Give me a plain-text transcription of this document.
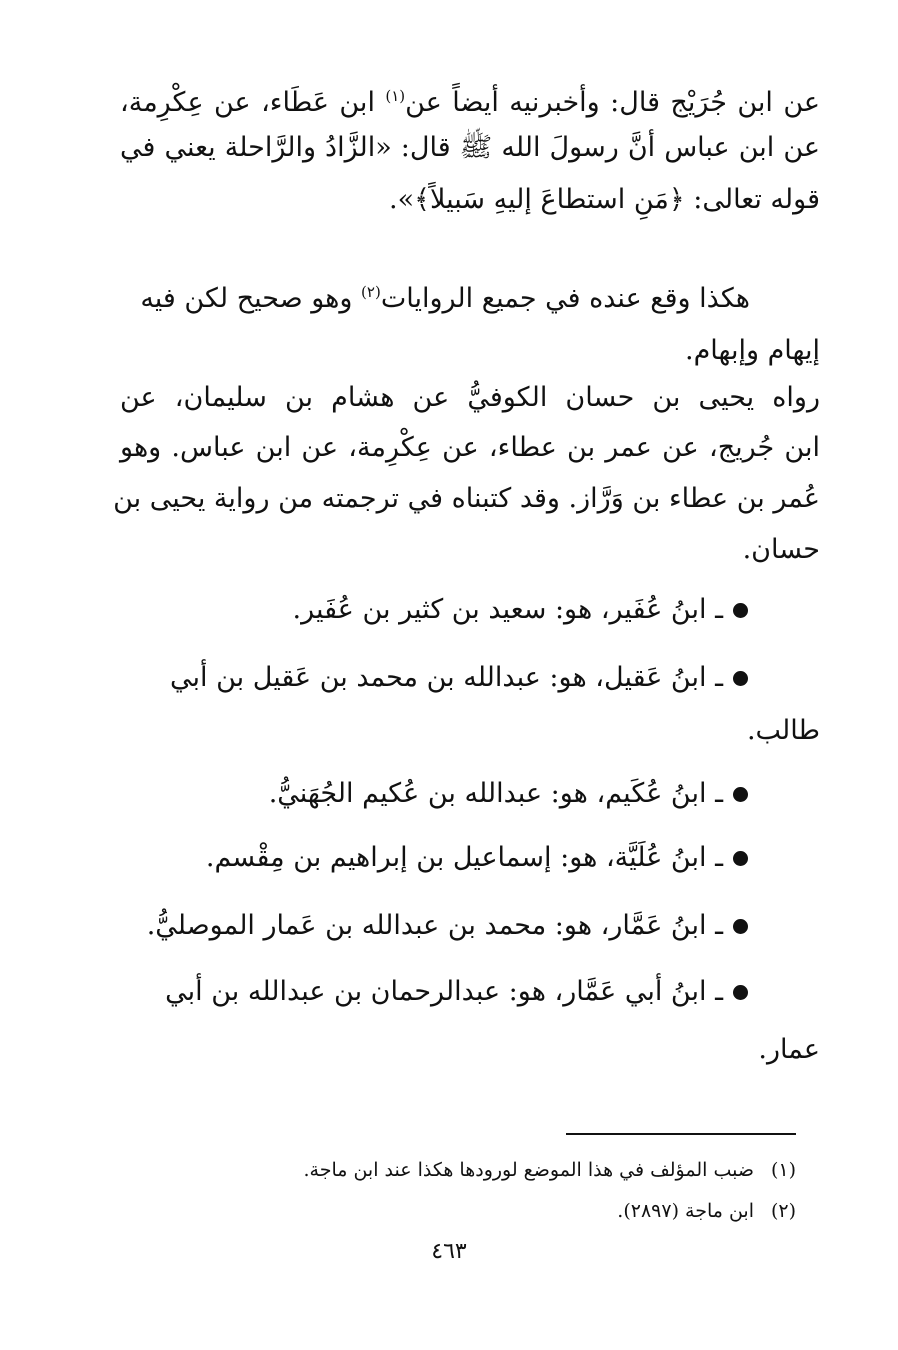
عن ابن جُرَيْج قال: وأخبرنيه أيضاً عن$^{(١)}$ ابن عَطَاء، عن عِكْرِمة،
عن ابن عباس أنَّ رسولَ الله ﷺ قال: «الزَّادُ والرَّاحلة يعني في
قوله تعالى: ﴿مَنِ استطاعَ إليهِ سَبيلاً﴾».
هكذا وقع عنده في جميع الروايات$^{(٢)}$ وهو صحيح لكن فيه
إيهام وإبهام.
رواه يحيى بن حسان الكوفيُّ عن هشام بن سليمان، عن
ابن جُريج، عن عمر بن عطاء، عن عِكْرِمة، عن ابن عباس. وهو
عُمر بن عطاء بن وَرَّاز. وقد كتبناه في ترجمته من رواية يحيى بن
حسان.
ـ ابنُ عُفَير، هو: سعيد بن كثير بن عُفَير.
ـ ابنُ عَقيل، هو: عبدالله بن محمد بن عَقيل بن أبي
طالب.
ـ ابنُ عُكَيم، هو: عبدالله بن عُكيم الجُهَنيُّ.
ـ ابنُ عُلَيَّة، هو: إسماعيل بن إبراهيم بن مِقْسم.
ـ ابنُ عَمَّار، هو: محمد بن عبدالله بن عَمار الموصليُّ.
ـ ابنُ أبي عَمَّار، هو: عبدالرحمان بن عبدالله بن أبي
عمار.
(١)ضبب المؤلف في هذا الموضع لورودها هكذا عند ابن ماجة.
(٢)ابن ماجة (٢٨٩٧).
٤٦٣
